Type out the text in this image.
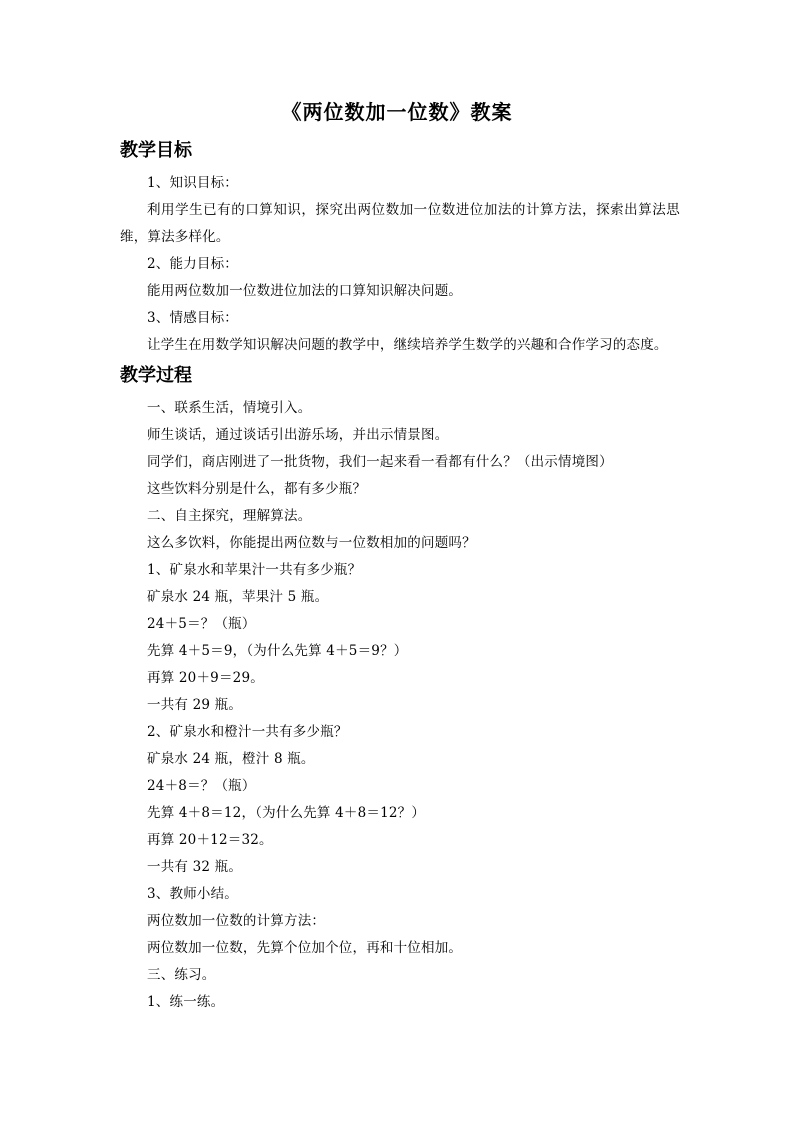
《两位数加一位数》教案

教学目标

1、知识目标：

利用学生已有的口算知识，探究出两位数加一位数进位加法的计算方法，探索出算法思维，算法多样化。

2、能力目标：

能用两位数加一位数进位加法的口算知识解决问题。

3、情感目标：

让学生在用数学知识解决问题的教学中，继续培养学生数学的兴趣和合作学习的态度。

教学过程

一、联系生活，情境引入。

师生谈话，通过谈话引出游乐场，并出示情景图。

同学们，商店刚进了一批货物，我们一起来看一看都有什么？（出示情境图）

这些饮料分别是什么，都有多少瓶？

二、自主探究，理解算法。

这么多饮料，你能提出两位数与一位数相加的问题吗？

1、矿泉水和苹果汁一共有多少瓶？

矿泉水 24 瓶，苹果汁 5 瓶。

24＋5＝？（瓶）

先算 4＋5＝9，（为什么先算 4＋5＝9？）

再算 20＋9＝29。

一共有 29 瓶。

2、矿泉水和橙汁一共有多少瓶？

矿泉水 24 瓶，橙汁 8 瓶。

24＋8＝？（瓶）

先算 4＋8＝12，（为什么先算 4＋8＝12？）

再算 20＋12＝32。

一共有 32 瓶。

3、教师小结。

两位数加一位数的计算方法：

两位数加一位数，先算个位加个位，再和十位相加。

三、练习。

1、练一练。
